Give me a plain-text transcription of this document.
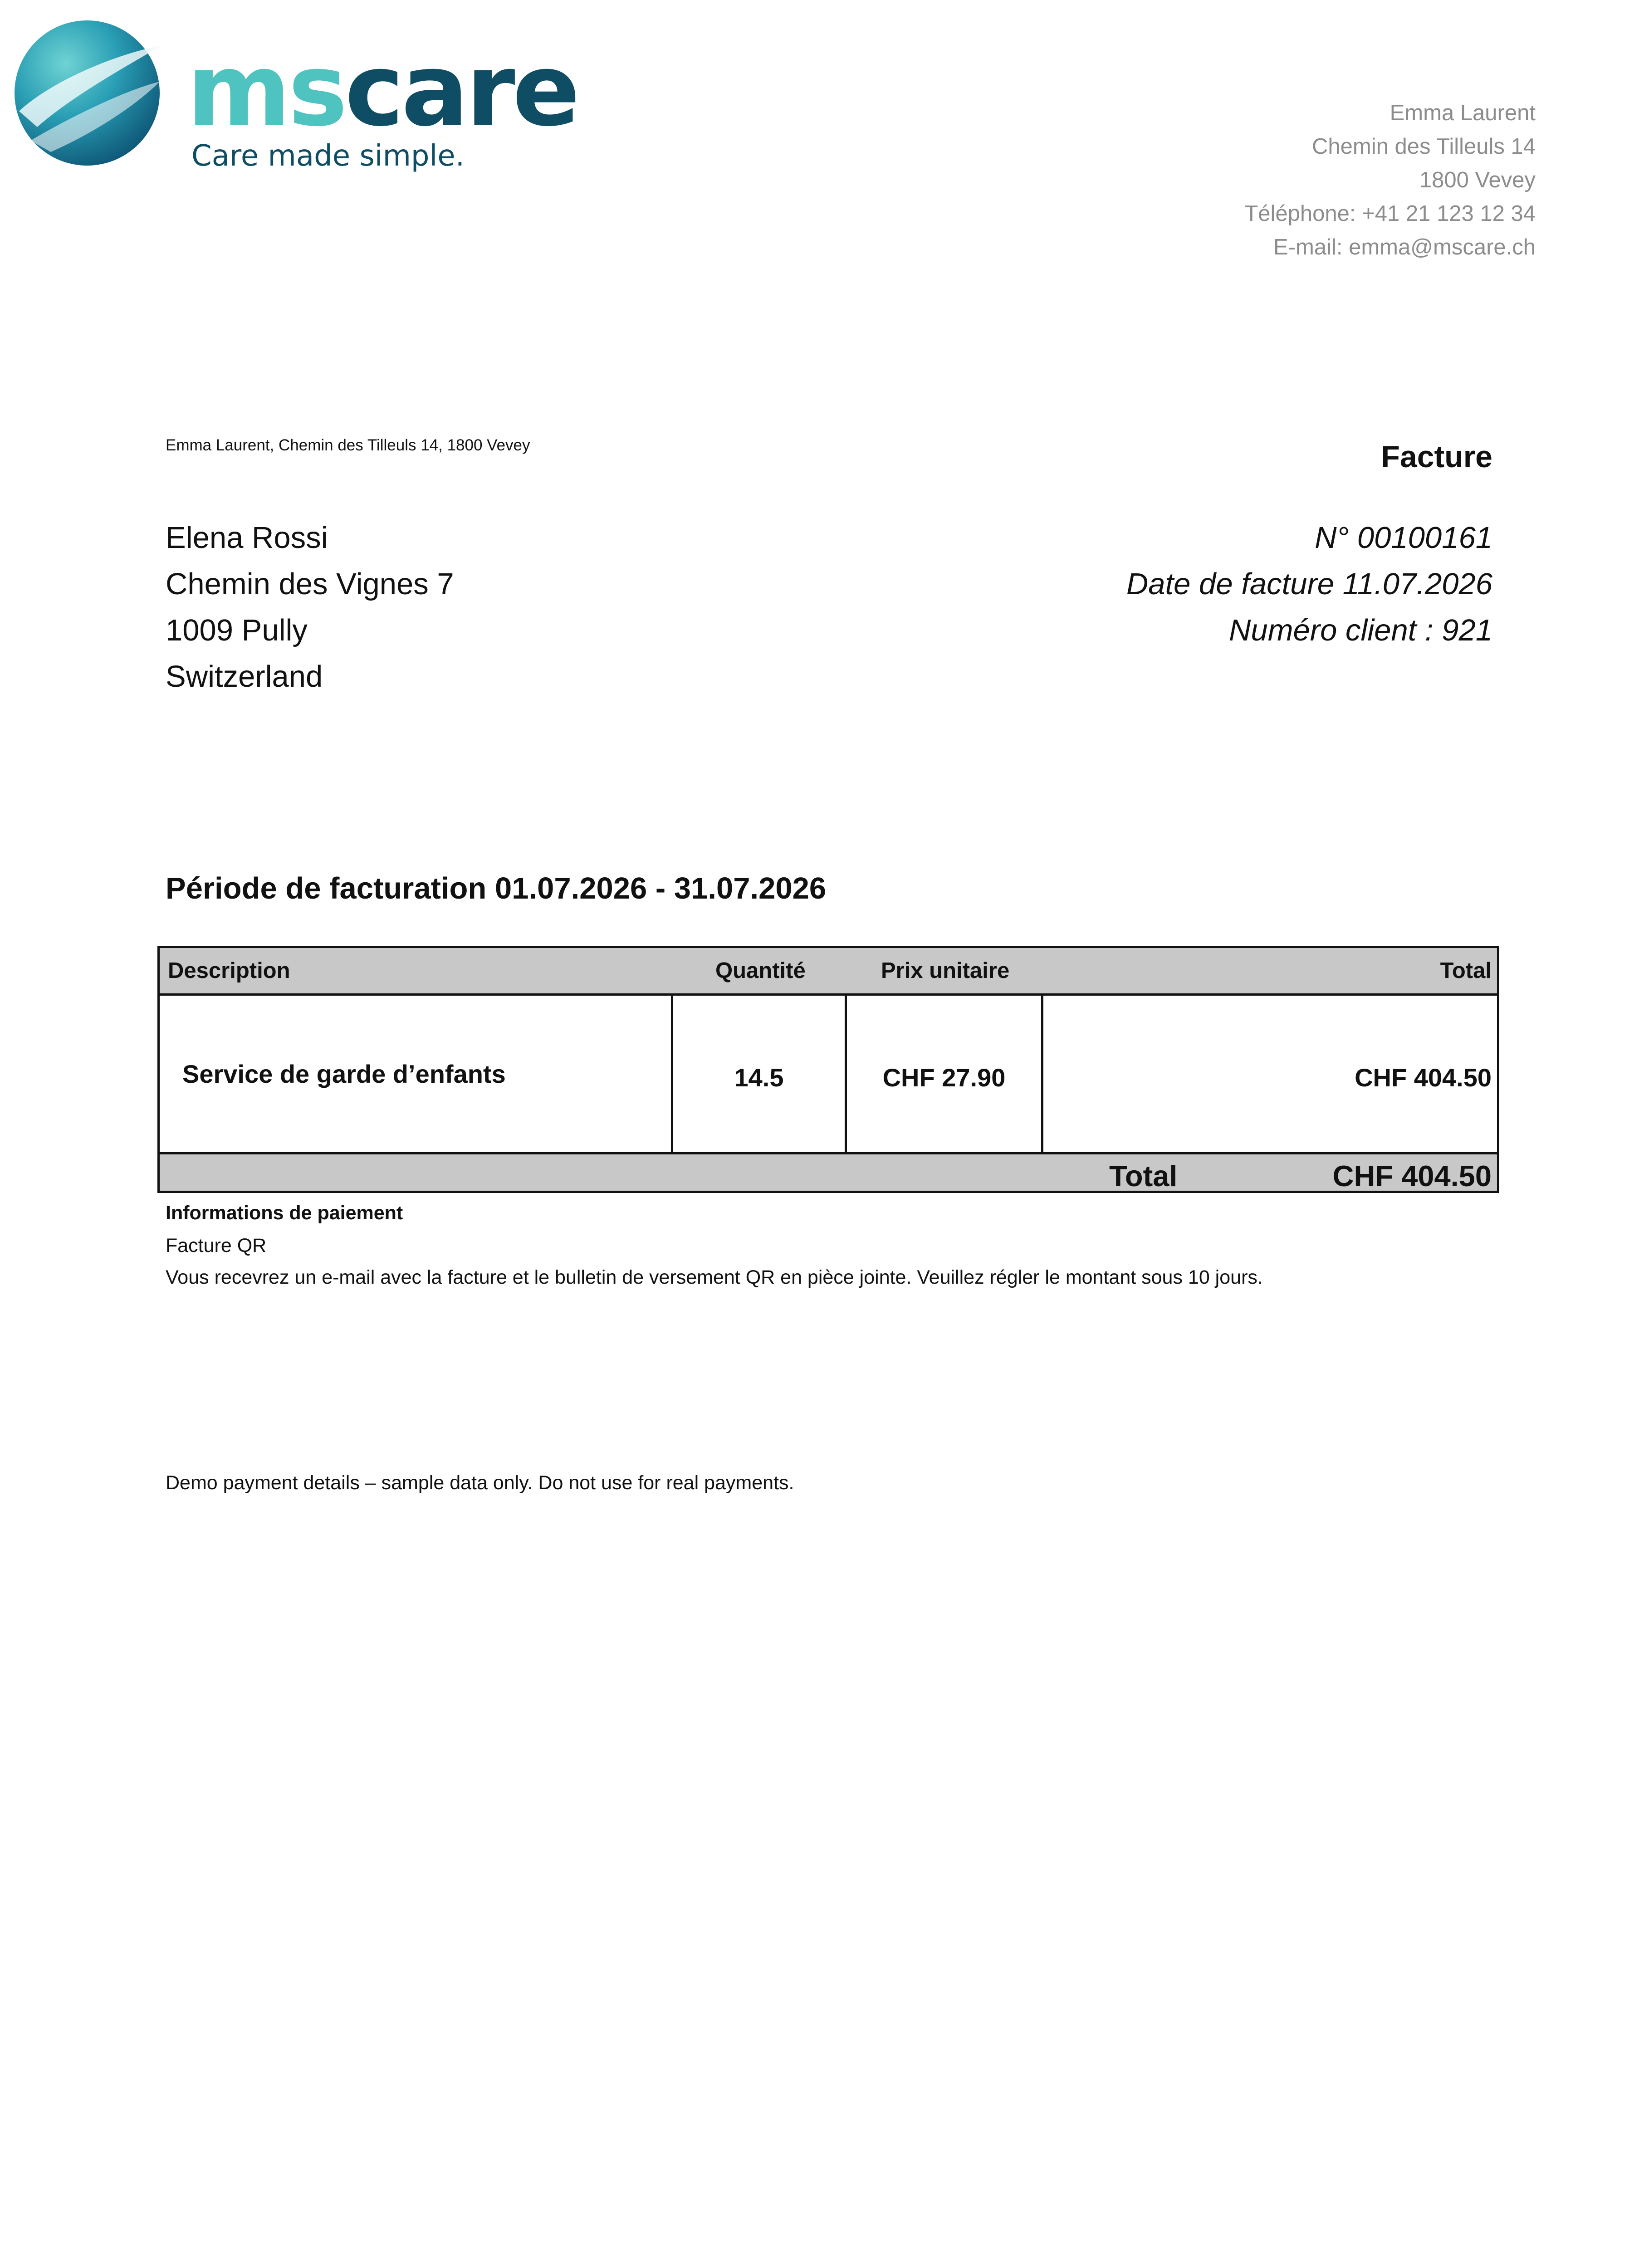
mscare
Care made simple.
Emma Laurent
Chemin des Tilleuls 14
1800 Vevey
Téléphone: +41 21 123 12 34
E-mail: emma@mscare.ch
Emma Laurent, Chemin des Tilleuls 14, 1800 Vevey	Facture
Elena Rossi
Chemin des Vignes 7
1009 Pully
Switzerland
N° 00100161
Date de facture 11.07.2026
Numéro client : 921
Période de facturation 01.07.2026 - 31.07.2026
Description	Quantité	Prix unitaire	Total
Service de garde d’enfants	14.5	CHF 27.90	CHF 404.50
Total	CHF 404.50
Informations de paiement
Facture QR
Vous recevrez un e-mail avec la facture et le bulletin de versement QR en pièce jointe. Veuillez régler le montant sous 10 jours.
Demo payment details – sample data only. Do not use for real payments.
